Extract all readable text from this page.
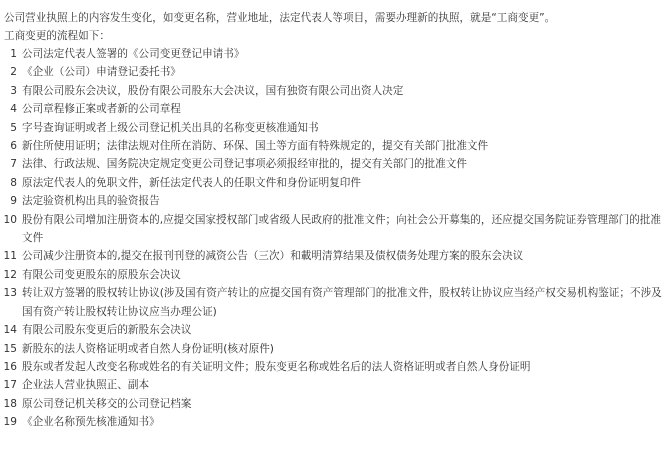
公司营业执照上的内容发生变化，如变更名称，营业地址，法定代表人等项目，需要办理新的执照，就是“工商变更”。
工商变更的流程如下：
1 公司法定代表人签署的《公司变更登记申请书》
2 《企业（公司）申请登记委托书》
3 有限公司股东会决议，股份有限公司股东大会决议，国有独资有限公司出资人决定
4 公司章程修正案或者新的公司章程
5 字号查询证明或者上级公司登记机关出具的名称变更核准通知书
6 新住所使用证明；法律法规对住所在消防、环保、国土等方面有特殊规定的，提交有关部门批准文件
7 法律、行政法规、国务院决定规定变更公司登记事项必须报经审批的，提交有关部门的批准文件
8 原法定代表人的免职文件，新任法定代表人的任职文件和身份证明复印件
9 法定验资机构出具的验资报告
10 股份有限公司增加注册资本的,应提交国家授权部门或省级人民政府的批准文件；向社会公开募集的，还应提交国务院证券管理部门的批准文件
11 公司减少注册资本的,提交在报刊刊登的减资公告（三次）和載明清算结果及债权债务处理方案的股东会决议
12 有限公司变更股东的原股东会决议
13 转让双方签署的股权转让协议(涉及国有资产转让的应提交国有资产管理部门的批准文件，股权转让协议应当经产权交易机构鉴证；不涉及国有资产转让股权转让协议应当办理公证)
14 有限公司股东变更后的新股东会决议
15 新股东的法人资格证明或者自然人身份证明(核对原件)
16 股东或者发起人改变名称或姓名的有关证明文件；股东变更名称或姓名后的法人资格证明或者自然人身份证明
17 企业法人营业执照正、副本
18 原公司登记机关移交的公司登记档案
19 《企业名称预先核准通知书》
